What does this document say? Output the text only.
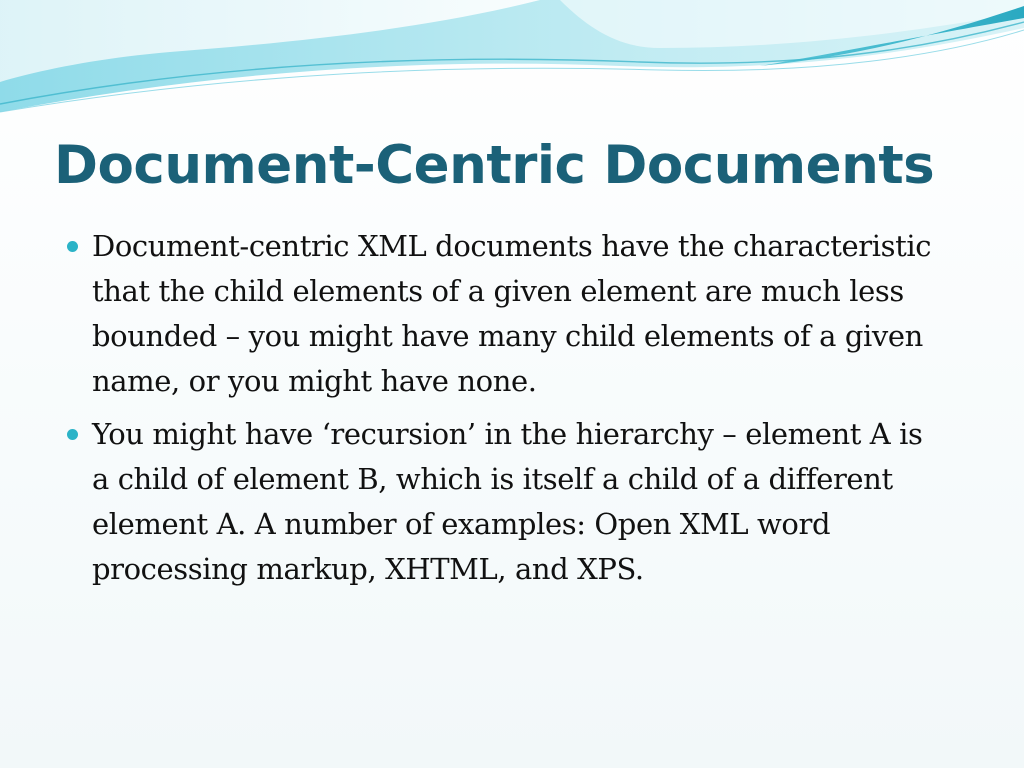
Document-Centric Documents
Document-centric XML documents have the characteristic that the child elements of a given element are much less bounded – you might have many child elements of a given name, or you might have none.
You might have ‘recursion’ in the hierarchy – element A is a child of element B, which is itself a child of a different element A. A number of examples: Open XML word processing markup, XHTML, and XPS.
